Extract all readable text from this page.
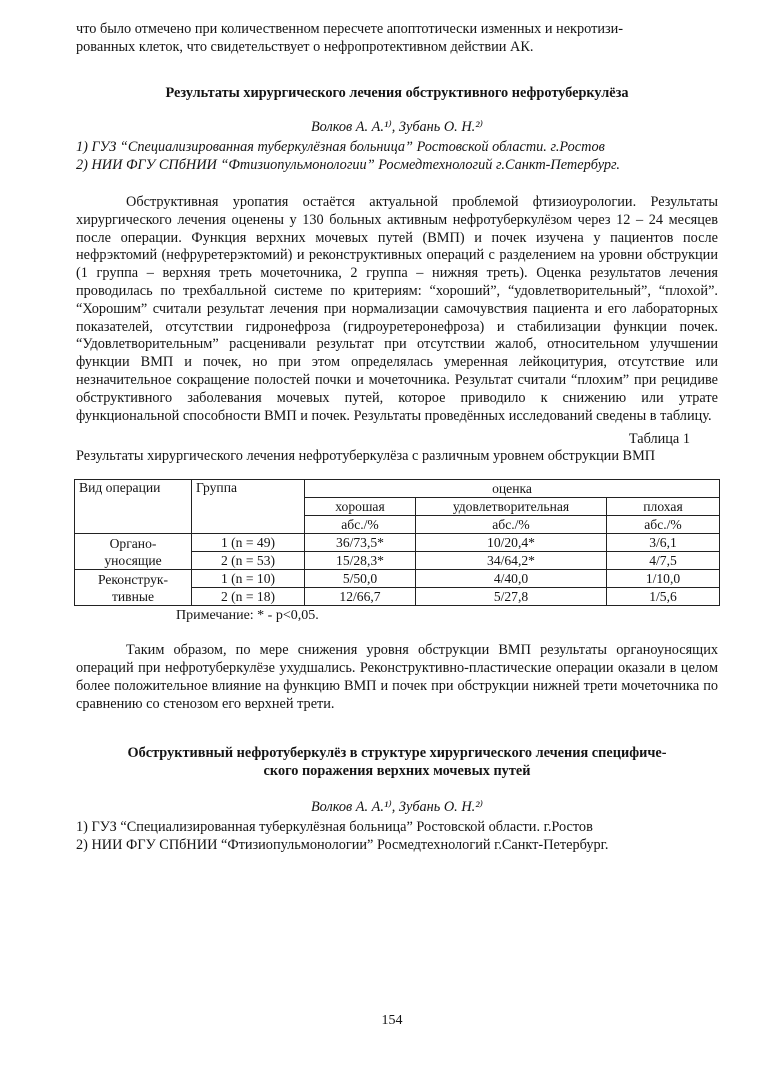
что было отмечено при количественном пересчете апоптотически изменных и некротизи-

рованных клеток, что свидетельствует о нефропротективном действии АК.

Результаты хирургического лечения обструктивного нефротуберкулёза

Волков А. А.¹⁾, Зубань О. Н.²⁾

1) ГУЗ “Специализированная туберкулёзная больница” Ростовской области. г.Ростов

2) НИИ ФГУ СПбНИИ “Фтизиопульмонологии” Росмедтехнологий г.Санкт-Петербург.

Обструктивная уропатия остаётся актуальной проблемой фтизиоурологии. Результаты хирургического лечения оценены у 130 больных активным нефротуберкулёзом через 12 – 24 месяцев после операции. Функция верхних мочевых путей (ВМП) и почек изучена у пациентов после нефрэктомий (нефруретерэктомий) и реконструктивных операций с разделением на уровни обструкции (1 группа – верхняя треть мочеточника, 2 группа – нижняя треть). Оценка результатов лечения проводилась по трехбалльной системе по критериям: “хороший”, “удовлетворительный”, “плохой”. “Хорошим” считали результат лечения при нормализации самочувствия пациента и его лабораторных показателей, отсутствии гидронефроза (гидроуретеронефроза) и стабилизации функции почек. “Удовлетворительным” расценивали результат при отсутствии жалоб, относительном улучшении функции ВМП и почек, но при этом определялась умеренная лейкоцитурия, отсутствие или незначительное сокращение полостей почки и мочеточника. Результат считали “плохим” при рецидиве обструктивного заболевания мочевых путей, которое приводило к снижению или утрате функциональной способности ВМП и почек. Результаты проведённых исследований сведены в таблицу.

Таблица 1

Результаты хирургического лечения нефротуберкулёза с различным уровнем обструкции ВМП

Вид операции	Группа	оценка		
		хорошая	удовлетворительная	плохая
		абс./%	абс./%	абс./%
Органо-	1 (n = 49)	36/73,5*	10/20,4*	3/6,1
уносящие	2 (n = 53)	15/28,3*	34/64,2*	4/7,5
Реконструк-	1 (n = 10)	5/50,0	4/40,0	1/10,0
тивные	2 (n = 18)	12/66,7	5/27,8	1/5,6

Примечание: * - р<0,05.

Таким образом, по мере снижения уровня обструкции ВМП результаты органоуносящих операций при нефротуберкулёзе ухудшались. Реконструктивно-пластические операции оказали в целом более положительное влияние на функцию ВМП и почек при обструкции нижней трети мочеточника по сравнению со стенозом его верхней трети.

Обструктивный нефротуберкулёз в структуре хирургического лечения специфиче-

ского поражения верхних мочевых путей

Волков А. А.¹⁾, Зубань О. Н.²⁾

1) ГУЗ “Специализированная туберкулёзная больница” Ростовской области. г.Ростов

2) НИИ ФГУ СПбНИИ “Фтизиопульмонологии” Росмедтехнологий г.Санкт-Петербург.

154
